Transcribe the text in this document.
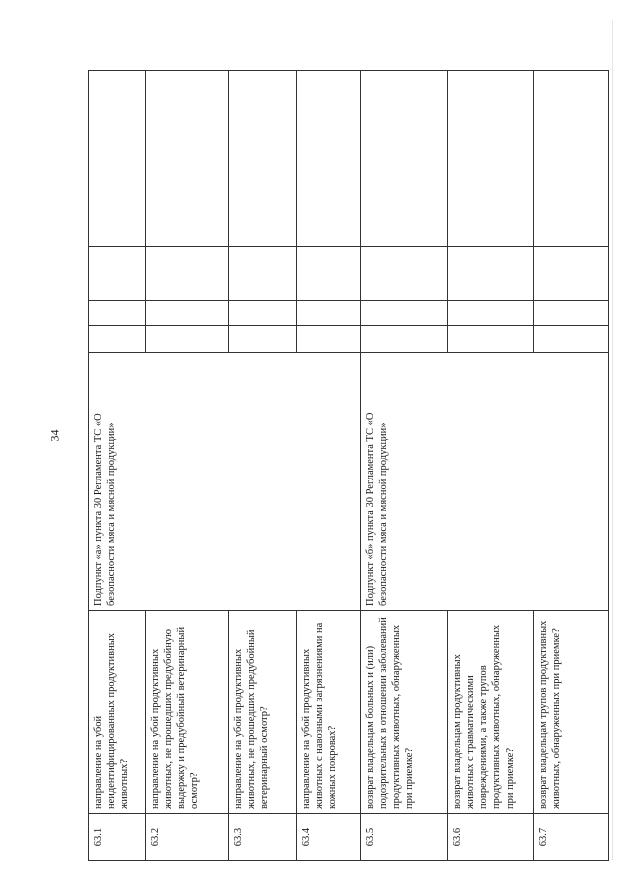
34
63.1	направление на убой неидентифицированных продуктивных животных?	Подпункт «а» пункта 30 Регламента ТС «О безопасности мяса и мясной продукции»				
63.2	направление на убой продуктивных животных, не прошедших предубойную выдержку и предубойный ветеринарный осмотр?					
63.3	направление на убой продуктивных животных, не прошедших предубойный ветеринарный осмотр?					
63.4	направление на убой продуктивных животных с навозными загрязнениями на кожных покровах?					
63.5	возврат владельцам больных и (или) подозрительных в отношении заболеваний продуктивных животных, обнаруженных при приемке?	Подпункт «б» пункта 30 Регламента ТС «О безопасности мяса и мясной продукции»				
63.6	возврат владельцам продуктивных животных с травматическими повреждениями, а также трупов продуктивных животных, обнаруженных при приемке?					
63.7	возврат владельцам трупов продуктивных животных, обнаруженных при приемке?					
